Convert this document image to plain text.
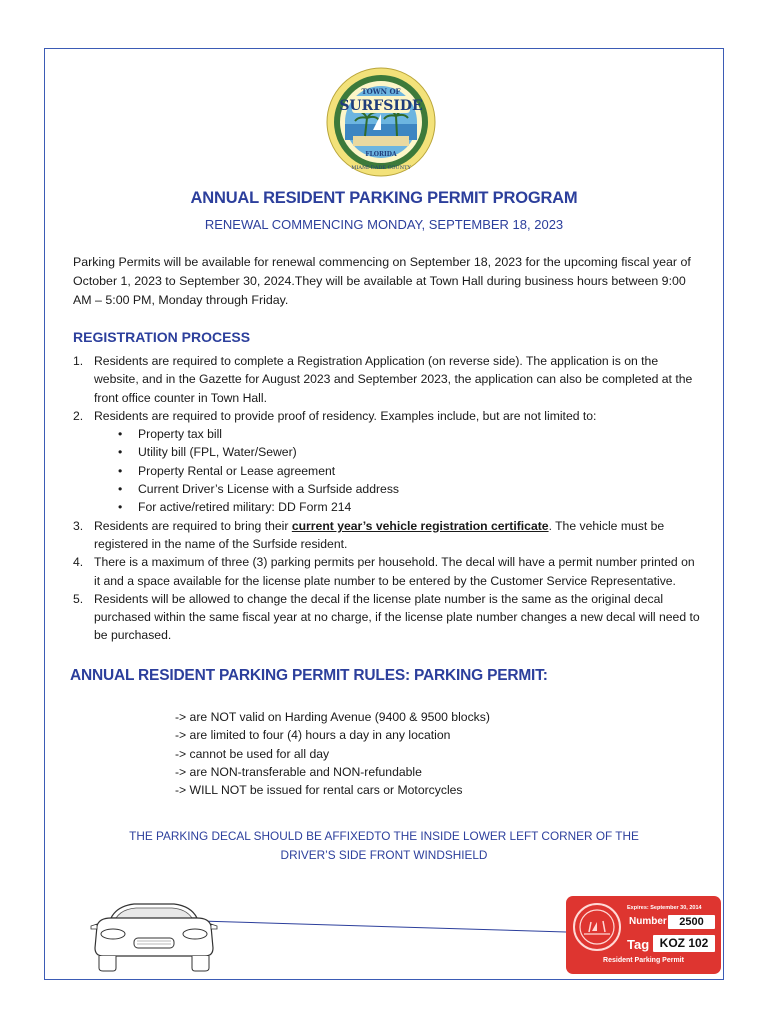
TOWN OF
SURFSIDE
FLORIDA
MIAMI-DADE COUNTY
ANNUAL RESIDENT PARKING PERMIT PROGRAM
RENEWAL COMMENCING MONDAY, SEPTEMBER 18, 2023

Parking Permits will be available for renewal commencing on September 18, 2023 for the upcoming fiscal year of October 1, 2023 to September 30, 2024.They will be available at Town Hall during business hours between 9:00 AM – 5:00 PM, Monday through Friday.

REGISTRATION PROCESS
1. Residents are required to complete a Registration Application (on reverse side). The application is on the website, and in the Gazette for August 2023 and September 2023, the application can also be completed at the front office counter in Town Hall.
2. Residents are required to provide proof of residency. Examples include, but are not limited to:
• Property tax bill
• Utility bill (FPL, Water/Sewer)
• Property Rental or Lease agreement
• Current Driver’s License with a Surfside address
• For active/retired military: DD Form 214
3. Residents are required to bring their current year’s vehicle registration certificate. The vehicle must be registered in the name of the Surfside resident.
4. There is a maximum of three (3) parking permits per household. The decal will have a permit number printed on it and a space available for the license plate number to be entered by the Customer Service Representative.
5. Residents will be allowed to change the decal if the license plate number is the same as the original decal purchased within the same fiscal year at no charge, if the license plate number changes a new decal will need to be purchased.
ANNUAL RESIDENT PARKING PERMIT RULES: PARKING PERMIT:
-> are NOT valid on Harding Avenue (9400 & 9500 blocks)
-> are limited to four (4) hours a day in any location
-> cannot be used for all day
-> are NON-transferable and NON-refundable
-> WILL NOT be issued for rental cars or Motorcycles
THE PARKING DECAL SHOULD BE AFFIXEDTO THE INSIDE LOWER LEFT CORNER OF THE
DRIVER’S SIDE FRONT WINDSHIELD
Expires: September 30, 2014
Number	2500
Tag KOZ 102
Resident Parking Permit
